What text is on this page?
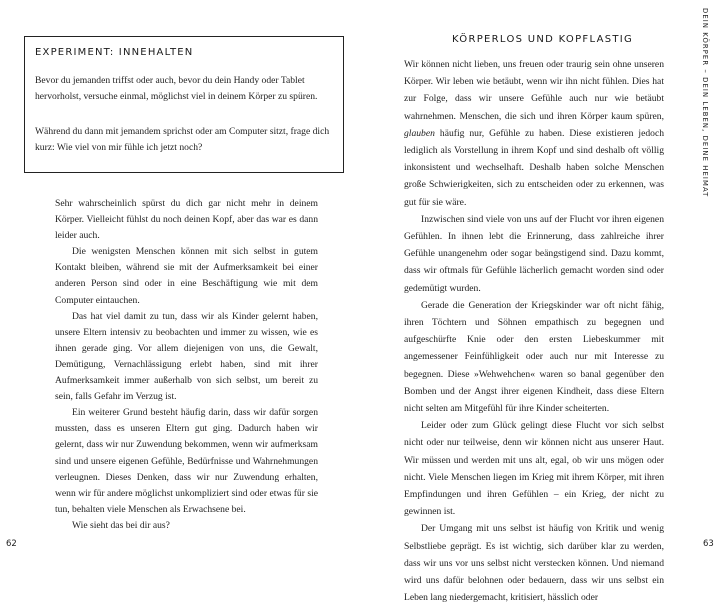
EXPERIMENT: INNEHALTEN

Bevor du jemanden triffst oder auch, bevor du dein Handy oder Tablet hervorholst, versuche einmal, möglichst viel in deinem Körper zu spüren.

Während du dann mit jemandem sprichst oder am Computer sitzt, frage dich kurz: Wie viel von mir fühle ich jetzt noch?

Sehr wahrscheinlich spürst du dich gar nicht mehr in deinem Körper. Vielleicht fühlst du noch deinen Kopf, aber das war es dann leider auch.

Die wenigsten Menschen können mit sich selbst in gutem Kontakt bleiben, während sie mit der Aufmerksamkeit bei einer anderen Person sind oder in eine Beschäftigung wie mit dem Computer eintauchen.

Das hat viel damit zu tun, dass wir als Kinder gelernt haben, unsere Eltern intensiv zu beobachten und immer zu wissen, wie es ihnen gerade ging. Vor allem diejenigen von uns, die Gewalt, Demütigung, Vernachlässigung erlebt haben, sind mit ihrer Aufmerksamkeit immer außerhalb von sich selbst, um bereit zu sein, falls Gefahr im Verzug ist.

Ein weiterer Grund besteht häufig darin, dass wir dafür sorgen mussten, dass es unseren Eltern gut ging. Dadurch haben wir gelernt, dass wir nur Zuwendung bekommen, wenn wir aufmerksam sind und unsere eigenen Gefühle, Bedürfnisse und Wahrnehmungen verleugnen. Dieses Denken, dass wir nur Zuwendung erhalten, wenn wir für andere möglichst unkompliziert sind oder etwas für sie tun, behalten viele Menschen als Erwachsene bei.

Wie sieht das bei dir aus?

62
KÖRPERLOS UND KOPFLASTIG

Wir können nicht lieben, uns freuen oder traurig sein ohne unseren Körper. Wir leben wie betäubt, wenn wir ihn nicht fühlen. Dies hat zur Folge, dass wir unsere Gefühle auch nur wie betäubt wahrnehmen. Menschen, die sich und ihren Körper kaum spüren, glauben häufig nur, Gefühle zu haben. Diese existieren jedoch lediglich als Vorstellung in ihrem Kopf und sind deshalb oft völlig inkonsistent und wechselhaft. Deshalb haben solche Menschen große Schwierigkeiten, sich zu entscheiden oder zu erkennen, was gut für sie wäre.

Inzwischen sind viele von uns auf der Flucht vor ihren eigenen Gefühlen. In ihnen lebt die Erinnerung, dass zahlreiche ihrer Gefühle unangenehm oder sogar beängstigend sind. Dazu kommt, dass wir oftmals für Gefühle lächerlich gemacht worden sind oder gedemütigt wurden.

Gerade die Generation der Kriegskinder war oft nicht fähig, ihren Töchtern und Söhnen empathisch zu begegnen und aufgeschürfte Knie oder den ersten Liebeskummer mit angemessener Feinfühligkeit oder auch nur mit Interesse zu begegnen. Diese »Wehwehchen« waren so banal gegenüber den Bomben und der Angst ihrer eigenen Kindheit, dass diese Eltern nicht selten am Mitgefühl für ihre Kinder scheiterten.

Leider oder zum Glück gelingt diese Flucht vor sich selbst nicht oder nur teilweise, denn wir können nicht aus unserer Haut. Wir müssen und werden mit uns alt, egal, ob wir uns mögen oder nicht. Viele Menschen liegen im Krieg mit ihrem Körper, mit ihren Empfindungen und ihren Gefühlen – ein Krieg, der nicht zu gewinnen ist.

Der Umgang mit uns selbst ist häufig von Kritik und wenig Selbstliebe geprägt. Es ist wichtig, sich darüber klar zu werden, dass wir uns vor uns selbst nicht verstecken können. Und niemand wird uns dafür belohnen oder bedauern, dass wir uns selbst ein Leben lang niedergemacht, kritisiert, hässlich oder

DEIN KÖRPER – DEIN LEBEN, DEINE HEIMAT
63
